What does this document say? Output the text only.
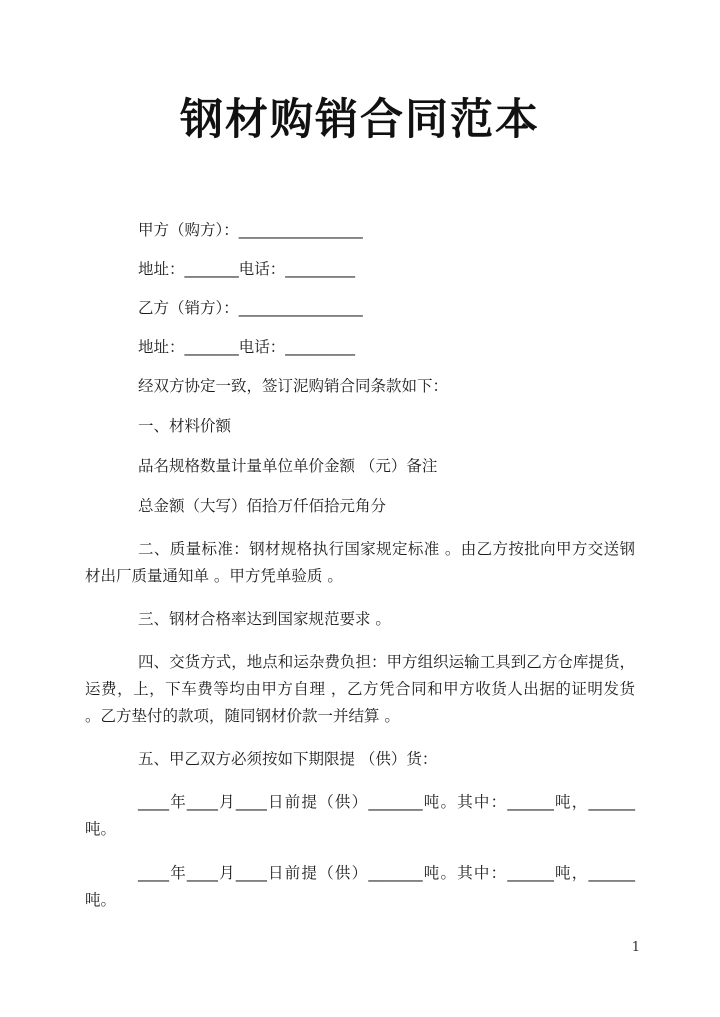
钢材购销合同范本

甲方（购方）：________________

地址：_______电话：_________

乙方（销方）：________________

地址：_______电话：_________

经双方协定一致，签订泥购销合同条款如下：

一、材料价额

品名规格数量计量单位单价金额 （元）备注

总金额（大写）佰拾万仟佰拾元角分

二、质量标准：钢材规格执行国家规定标准 。由乙方按批向甲方交送钢材出厂质量通知单 。甲方凭单验质 。

三、钢材合格率达到国家规范要求 。

四、交货方式，地点和运杂费负担：甲方组织运输工具到乙方仓库提货，运费，上，下车费等均由甲方自理 ，乙方凭合同和甲方收货人出据的证明发货 。乙方垫付的款项，随同钢材价款一并结算 。

五、甲乙双方必须按如下期限提 （供）货：

____年____月____日前提（供）_______吨。其中：______吨，______吨。

____年____月____日前提（供）_______吨。其中：______吨，______吨。

1
